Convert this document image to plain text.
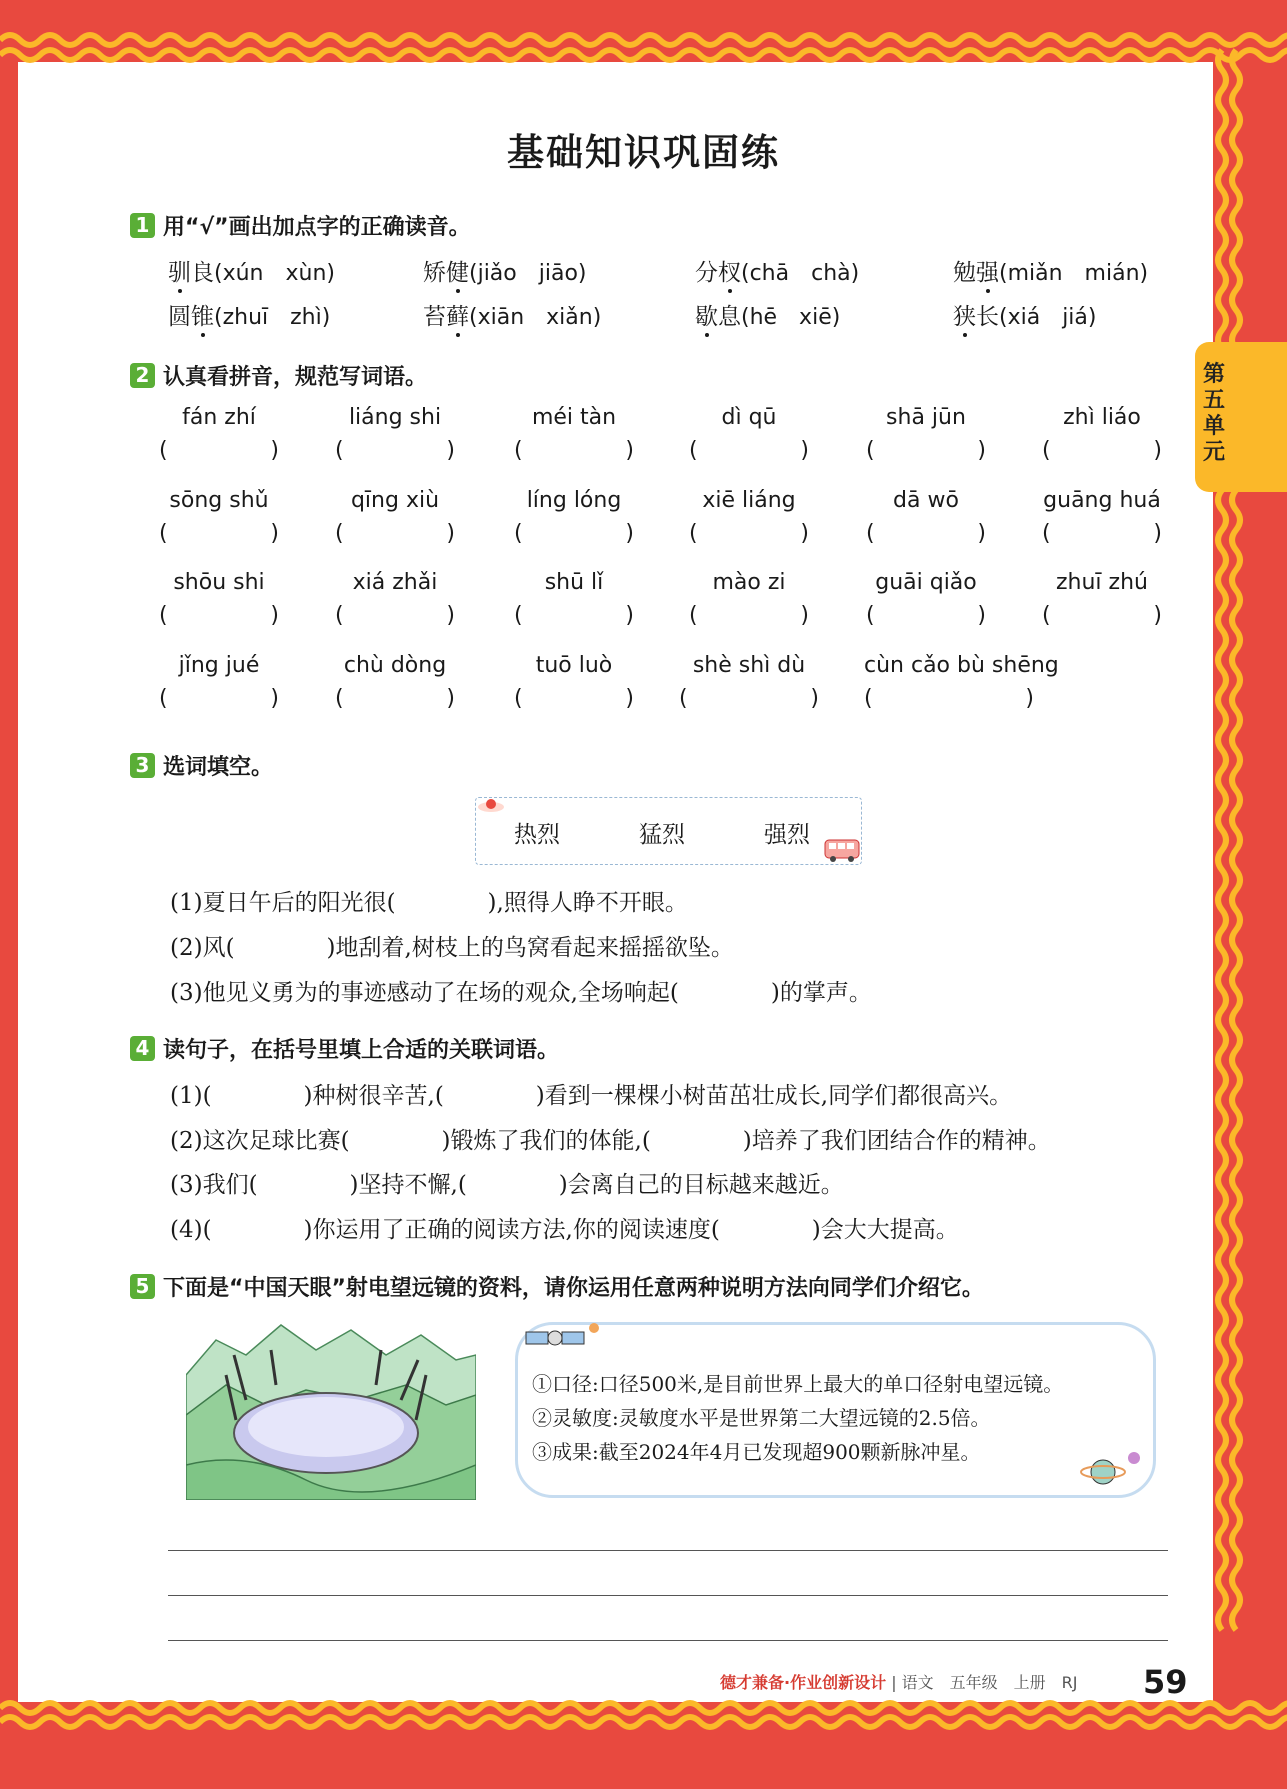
基础知识巩固练
第
五
单
元
1 用“√”画出加点字的正确读音。
驯良(xún　xùn)	矫健(jiǎo　jiāo)	分杈(chā　chà)	勉强(miǎn　mián)
圆锥(zhuī　zhì)	苔藓(xiān　xiǎn)	歇息(hē　xiē)	狭长(xiá　jiá)
2 认真看拼音，规范写词语。
fán zhí
(	)
liáng shi
(	)
méi tàn
(	)
dì qū
(	)
shā jūn
(	)
zhì liáo
(	)
sōng shǔ
(	)
qīng xiù
(	)
líng lóng
(	)
xiē liáng
(	)
dā wō
(	)
guāng huá
(	)
shōu shi
(	)
xiá zhǎi
(	)
shū lǐ
(	)
mào zi
(	)
guāi qiǎo
(	)
zhuī zhú
(	)
jǐng jué
(	)
chù dòng
(	)
tuō luò
(	)
shè shì dù
(	)
cùn cǎo bù shēng
(	)
3 选词填空。
热烈	猛烈	强烈
(1)夏日午后的阳光很(　　　　),照得人睁不开眼。
(2)风(　　　　)地刮着,树枝上的鸟窝看起来摇摇欲坠。
(3)他见义勇为的事迹感动了在场的观众,全场响起(　　　　)的掌声。
4 读句子，在括号里填上合适的关联词语。
(1)(　　　　)种树很辛苦,(　　　　)看到一棵棵小树苗茁壮成长,同学们都很高兴。
(2)这次足球比赛(　　　　)锻炼了我们的体能,(　　　　)培养了我们团结合作的精神。
(3)我们(　　　　)坚持不懈,(　　　　)会离自己的目标越来越近。
(4)(　　　　)你运用了正确的阅读方法,你的阅读速度(　　　　)会大大提高。
5 下面是“中国天眼”射电望远镜的资料，请你运用任意两种说明方法向同学们介绍它。
①口径:口径500米,是目前世界上最大的单口径射电望远镜。
②灵敏度:灵敏度水平是世界第二大望远镜的2.5倍。
③成果:截至2024年4月已发现超900颗新脉冲星。
德才兼备·作业创新设计 | 语文　五年级　上册　RJ 59
